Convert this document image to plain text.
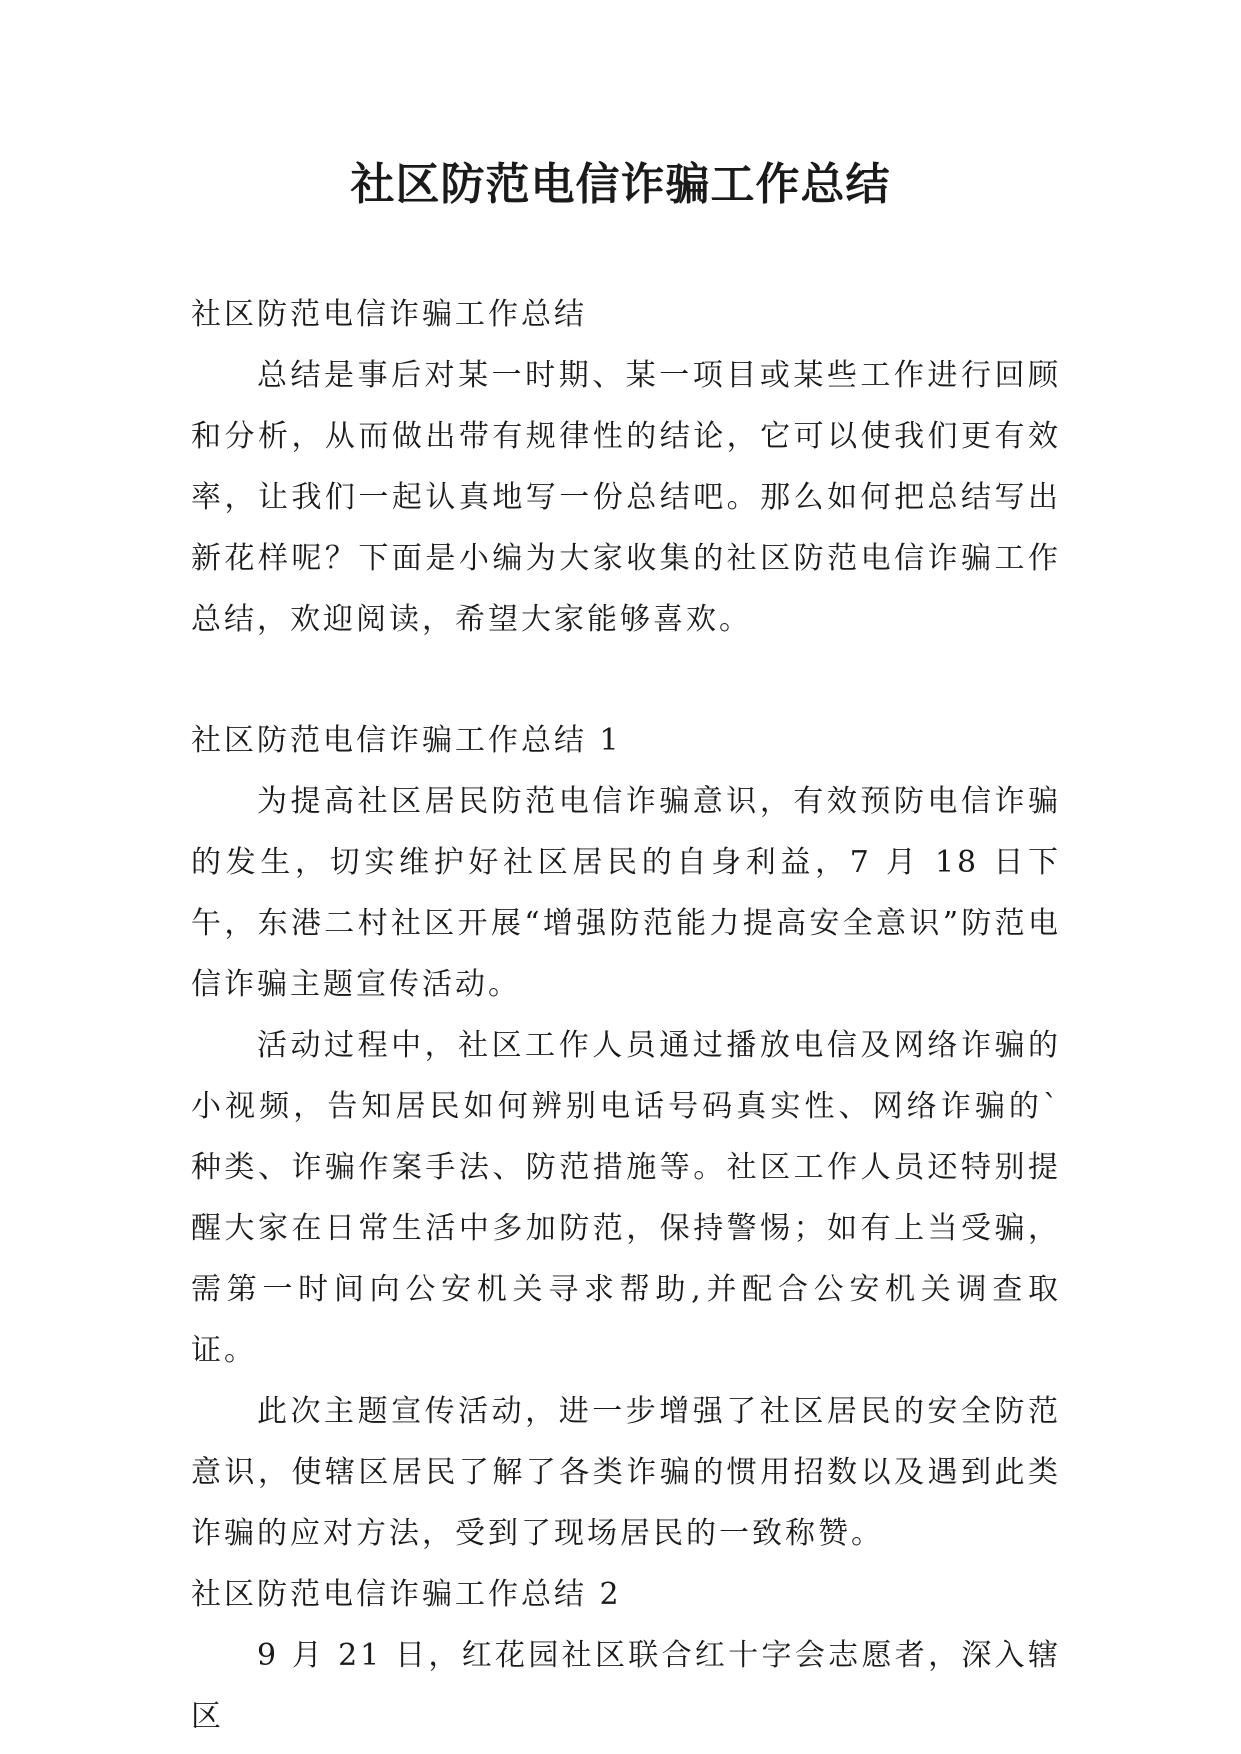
社区防范电信诈骗工作总结

社区防范电信诈骗工作总结

总结是事后对某一时期、某一项目或某些工作进行回顾和分析，从而做出带有规律性的结论，它可以使我们更有效率，让我们一起认真地写一份总结吧。那么如何把总结写出新花样呢？下面是小编为大家收集的社区防范电信诈骗工作总结，欢迎阅读，希望大家能够喜欢。

社区防范电信诈骗工作总结 1

为提高社区居民防范电信诈骗意识，有效预防电信诈骗的发生，切实维护好社区居民的自身利益，7 月 18 日下午，东港二村社区开展“增强防范能力提高安全意识”防范电信诈骗主题宣传活动。

活动过程中，社区工作人员通过播放电信及网络诈骗的小视频，告知居民如何辨别电话号码真实性、网络诈骗的`种类、诈骗作案手法、防范措施等。社区工作人员还特别提醒大家在日常生活中多加防范，保持警惕；如有上当受骗，需第一时间向公安机关寻求帮助,并配合公安机关调查取证。

此次主题宣传活动，进一步增强了社区居民的安全防范意识，使辖区居民了解了各类诈骗的惯用招数以及遇到此类诈骗的应对方法，受到了现场居民的一致称赞。

社区防范电信诈骗工作总结 2

9 月 21 日，红花园社区联合红十字会志愿者，深入辖区
